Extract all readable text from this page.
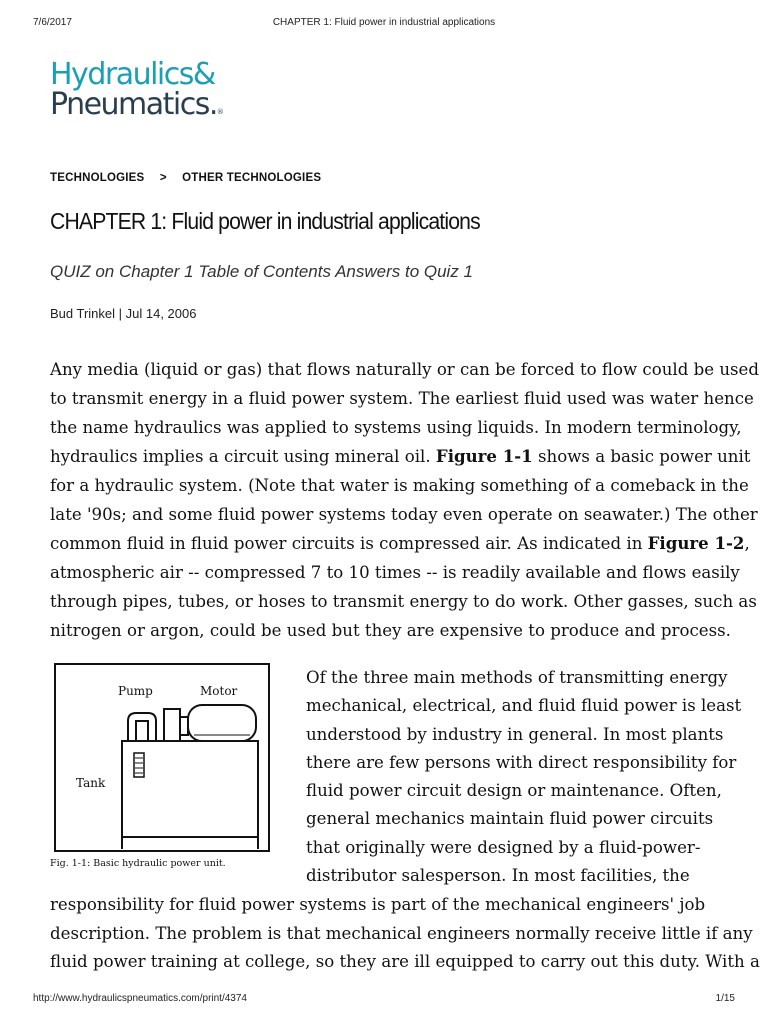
7/6/2017	CHAPTER 1: Fluid power in industrial applications
Hydraulics&
Pneumatics.®
TECHNOLOGIES > OTHER TECHNOLOGIES
CHAPTER 1: Fluid power in industrial applications
QUIZ on Chapter 1 Table of Contents Answers to Quiz 1
Bud Trinkel | Jul 14, 2006

Any media (liquid or gas) that flows naturally or can be forced to flow could be used

to transmit energy in a fluid power system. The earliest fluid used was water hence

the name hydraulics was applied to systems using liquids. In modern terminology,

hydraulics implies a circuit using mineral oil. Figure 1-1 shows a basic power unit

for a hydraulic system. (Note that water is making something of a comeback in the

late '90s; and some fluid power systems today even operate on seawater.) The other

common fluid in fluid power circuits is compressed air. As indicated in Figure 1-2,

atmospheric air -- compressed 7 to 10 times -- is readily available and flows easily

through pipes, tubes, or hoses to transmit energy to do work. Other gasses, such as

nitrogen or argon, could be used but they are expensive to produce and process.

Pump	Motor
Tank
Fig. 1-1: Basic hydraulic power unit.

Of the three main methods of transmitting energy

mechanical, electrical, and fluid fluid power is least

understood by industry in general. In most plants

there are few persons with direct responsibility for

fluid power circuit design or maintenance. Often,

general mechanics maintain fluid power circuits

that originally were designed by a fluid-power-

distributor salesperson. In most facilities, the

responsibility for fluid power systems is part of the mechanical engineers' job

description. The problem is that mechanical engineers normally receive little if any

fluid power training at college, so they are ill equipped to carry out this duty. With a

http://www.hydraulicspneumatics.com/print/4374	1/15
